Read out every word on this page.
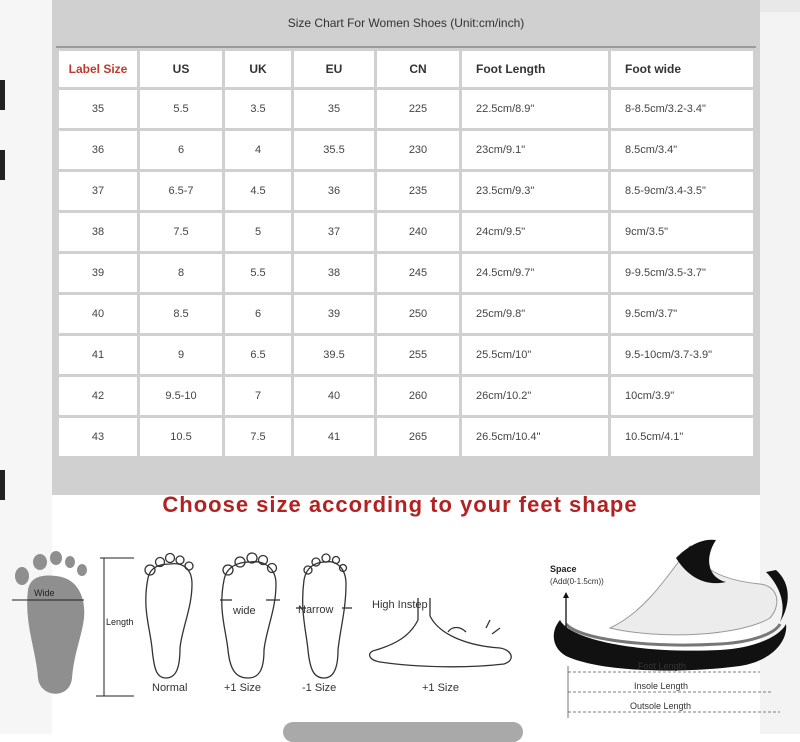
Size Chart For Women Shoes (Unit:cm/inch)
Label Size	US	UK	EU	CN	Foot Length	Foot wide
35	5.5	3.5	35	225	22.5cm/8.9"	8-8.5cm/3.2-3.4"
36	6	4	35.5	230	23cm/9.1"	8.5cm/3.4"
37	6.5-7	4.5	36	235	23.5cm/9.3"	8.5-9cm/3.4-3.5"
38	7.5	5	37	240	24cm/9.5"	9cm/3.5"
39	8	5.5	38	245	24.5cm/9.7"	9-9.5cm/3.5-3.7"
40	8.5	6	39	250	25cm/9.8"	9.5cm/3.7"
41	9	6.5	39.5	255	25.5cm/10"	9.5-10cm/3.7-3.9"
42	9.5-10	7	40	260	26cm/10.2"	10cm/3.9"
43	10.5	7.5	41	265	26.5cm/10.4"	10.5cm/4.1"
Choose size according to your feet shape
Wide
Length
wide	Narrow	High Instep
Space
(Add(0-1.5cm))
Foot Length
Insole Length
Outsole Length
Normal	+1 Size	-1 Size	+1 Size
